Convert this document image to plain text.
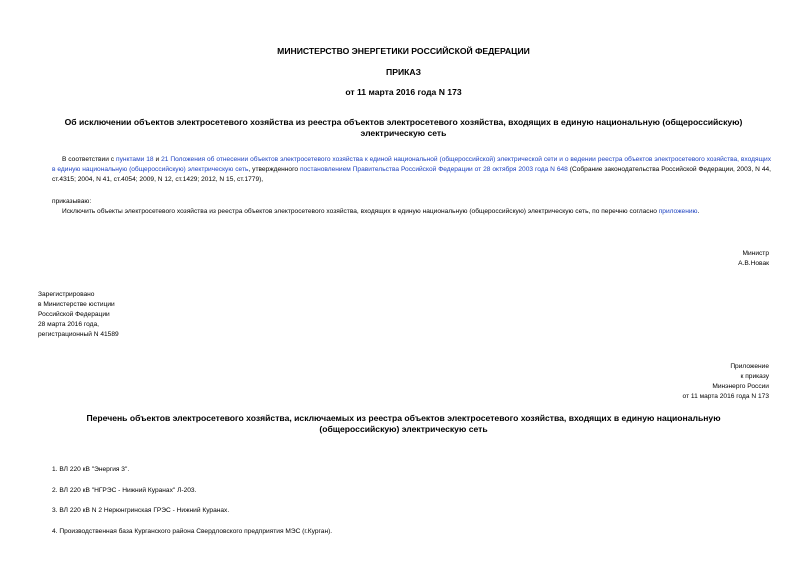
МИНИСТЕРСТВО ЭНЕРГЕТИКИ РОССИЙСКОЙ ФЕДЕРАЦИИ
ПРИКАЗ
от 11 марта 2016 года N 173
Об исключении объектов электросетевого хозяйства из реестра объектов электросетевого хозяйства, входящих в единую национальную (общероссийскую)
электрическую сеть
В соответствии с пунктами 18 и 21 Положения об отнесении объектов электросетевого хозяйства к единой национальной (общероссийской) электрической сети и о ведении реестра объектов электросетевого хозяйства, входящих в единую национальную (общероссийскую) электрическую сеть, утвержденного постановлением Правительства Российской Федерации от 28 октября 2003 года N 648 (Собрание законодательства Российской Федерации, 2003, N 44, ст.4315; 2004, N 41, ст.4054; 2009, N 12, ст.1429; 2012, N 15, ст.1779),
приказываю:
Исключить объекты электросетевого хозяйства из реестра объектов электросетевого хозяйства, входящих в единую национальную (общероссийскую) электрическую сеть, по перечню согласно приложению.
Министр
А.В.Новак
Зарегистрировано
в Министерстве юстиции
Российской Федерации
28 марта 2016 года,
регистрационный N 41589
Приложение
к приказу
Минэнерго России
от 11 марта 2016 года N 173
Перечень объектов электросетевого хозяйства, исключаемых из реестра объектов электросетевого хозяйства, входящих в единую национальную
(общероссийскую) электрическую сеть
1. ВЛ 220 кВ "Энергия 3".
2. ВЛ 220 кВ "НГРЭС - Нижний Куранах" Л-203.
3. ВЛ 220 кВ N 2 Нерюнгринская ГРЭС - Нижний Куранах.
4. Производственная база Курганского района Свердловского предприятия МЭС (г.Курган).
